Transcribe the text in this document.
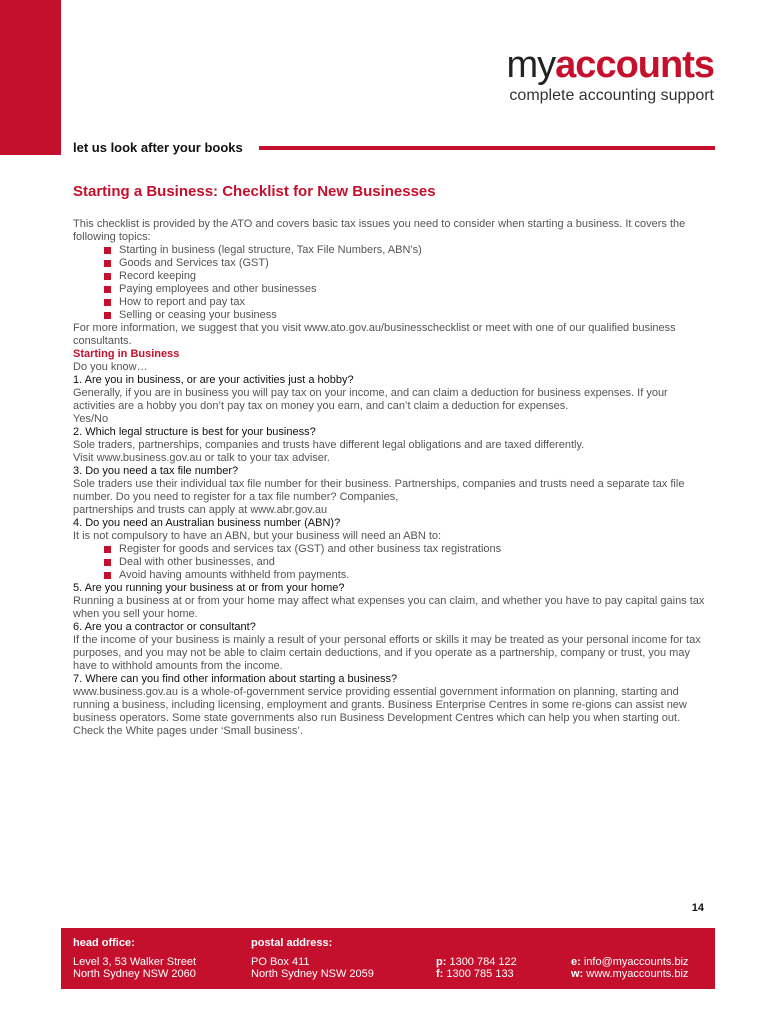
myaccounts
complete accounting support
let us look after your books
Starting a Business: Checklist for New Businesses

This checklist is provided by the ATO and covers basic tax issues you need to consider when starting a business. It covers the following topics:

Starting in business (legal structure, Tax File Numbers, ABN’s)
Goods and Services tax (GST)
Record keeping
Paying employees and other businesses
How to report and pay tax
Selling or ceasing your business

For more information, we suggest that you visit www.ato.gov.au/businesschecklist or meet with one of our qualified business consultants.

Starting in Business

Do you know…

1. Are you in business, or are your activities just a hobby?

Generally, if you are in business you will pay tax on your income, and can claim a deduction for business expenses. If your activities are a hobby you don’t pay tax on money you earn, and can’t claim a deduction for expenses.

Yes/No

2. Which legal structure is best for your business?

Sole traders, partnerships, companies and trusts have different legal obligations and are taxed differently.

Visit www.business.gov.au or talk to your tax adviser.

3. Do you need a tax file number?

Sole traders use their individual tax file number for their business. Partnerships, companies and trusts need a separate tax file number. Do you need to register for a tax file number? Companies,

partnerships and trusts can apply at www.abr.gov.au

4. Do you need an Australian business number (ABN)?

It is not compulsory to have an ABN, but your business will need an ABN to:

Register for goods and services tax (GST) and other business tax registrations
Deal with other businesses, and
Avoid having amounts withheld from payments.

5. Are you running your business at or from your home?

Running a business at or from your home may affect what expenses you can claim, and whether you have to pay capital gains tax when you sell your home.

6. Are you a contractor or consultant?

If the income of your business is mainly a result of your personal efforts or skills it may be treated as your personal income for tax purposes, and you may not be able to claim certain deductions, and if you operate as a partnership, company or trust, you may have to withhold amounts from the income.

7. Where can you find other information about starting a business?

www.business.gov.au is a whole-of-government service providing essential government information on planning, starting and running a business, including licensing, employment and grants. Business Enterprise Centres in some re-gions can assist new business operators. Some state governments also run Business Development Centres which can help you when starting out. Check the White pages under ‘Small business’.

14
head office:
Level 3, 53 Walker Street
North Sydney NSW 2060
postal address:
PO Box 411
North Sydney NSW 2059
p: 1300 784 122
f: 1300 785 133
e: info@myaccounts.biz
w: www.myaccounts.biz
